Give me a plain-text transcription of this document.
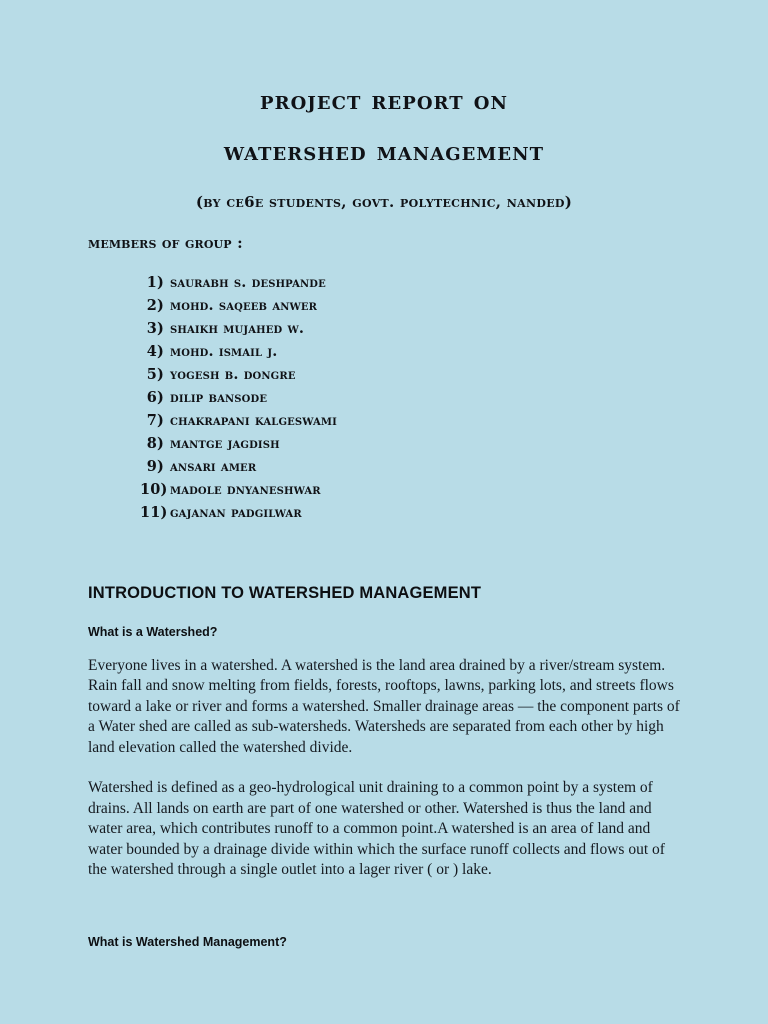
project report on
watershed management

(by ce6e students, govt. polytechnic, nanded)

members of group :

saurabh s. deshpande
mohd. saqeeb anwer
shaikh mujahed w.
mohd. ismail j.
yogesh b. dongre
dilip bansode
chakrapani kalgeswami
mantge jagdish
ansari amer
madole dnyaneshwar
gajanan padgilwar
INTRODUCTION TO WATERSHED MANAGEMENT
What is a Watershed?

Everyone lives in a watershed. A watershed is the land area drained by a river/stream system. Rain fall and snow melting from fields, forests, rooftops, lawns, parking lots, and streets flows toward a lake or river and forms a watershed. Smaller drainage areas — the component parts of a Water shed are called as sub-watersheds. Watersheds are separated from each other by high land elevation called the watershed divide.

Watershed is defined as a geo-hydrological unit draining to a common point by a system of drains. All lands on earth are part of one watershed or other. Watershed is thus the land and water area, which contributes runoff to a common point.A watershed is an area of land and water bounded by a drainage divide within which the surface runoff collects and flows out of the watershed through a single outlet into a lager river ( or ) lake.

What is Watershed Management?
